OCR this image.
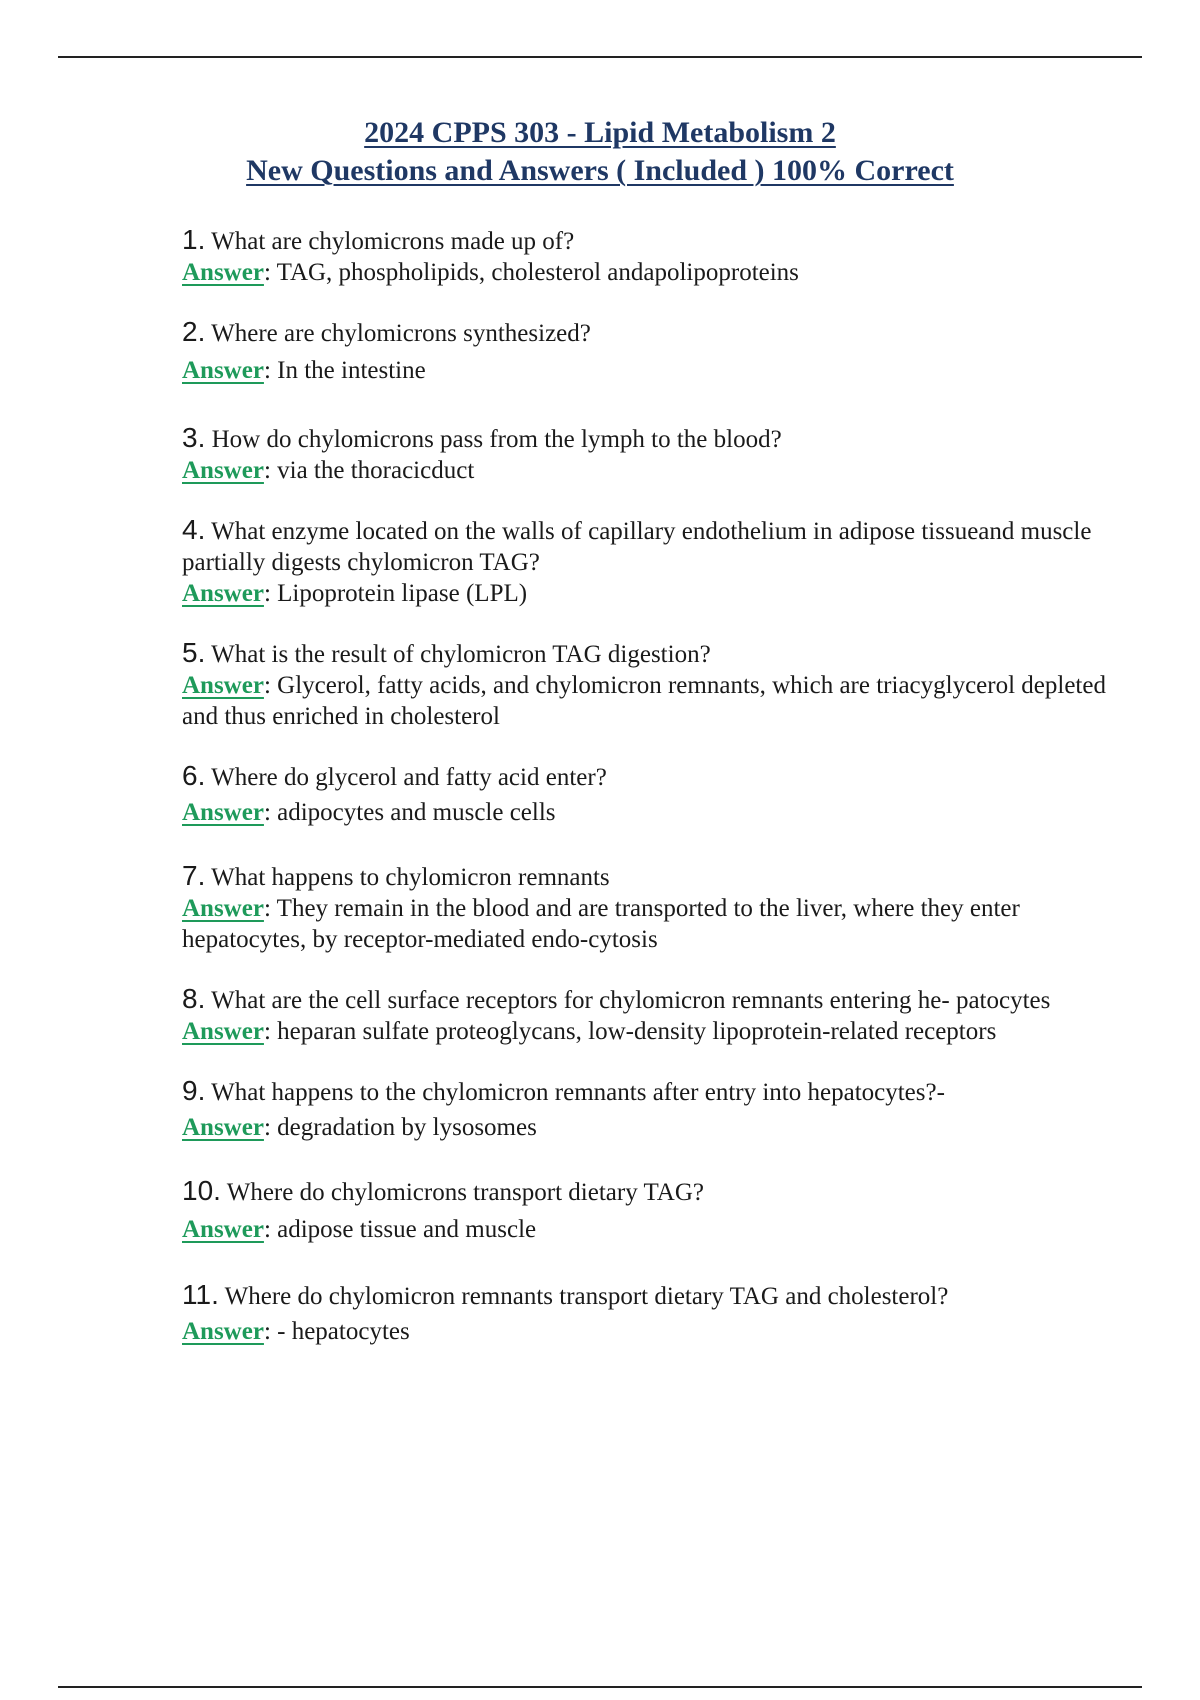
2024 CPPS 303 - Lipid Metabolism 2
New Questions and Answers ( Included ) 100% Correct
1. What are chylomicrons made up of?
Answer: TAG, phospholipids, cholesterol andapolipoproteins
2. Where are chylomicrons synthesized?
Answer: In the intestine
3. How do chylomicrons pass from the lymph to the blood?
Answer: via the thoracicduct
4. What enzyme located on the walls of capillary endothelium in adipose tissueand muscle partially digests chylomicron TAG?
Answer: Lipoprotein lipase (LPL)
5. What is the result of chylomicron TAG digestion?
Answer: Glycerol, fatty acids, and chylomicron remnants, which are triacyglycerol depleted and thus enriched in cholesterol
6. Where do glycerol and fatty acid enter?
Answer: adipocytes and muscle cells
7. What happens to chylomicron remnants
Answer: They remain in the blood and are transported to the liver, where they enter hepatocytes, by receptor-mediated endo-cytosis
8. What are the cell surface receptors for chylomicron remnants entering he- patocytes
Answer: heparan sulfate proteoglycans, low-density lipoprotein-related receptors
9. What happens to the chylomicron remnants after entry into hepatocytes?-
Answer: degradation by lysosomes
10. Where do chylomicrons transport dietary TAG?
Answer: adipose tissue and muscle
11. Where do chylomicron remnants transport dietary TAG and cholesterol?
Answer: - hepatocytes
